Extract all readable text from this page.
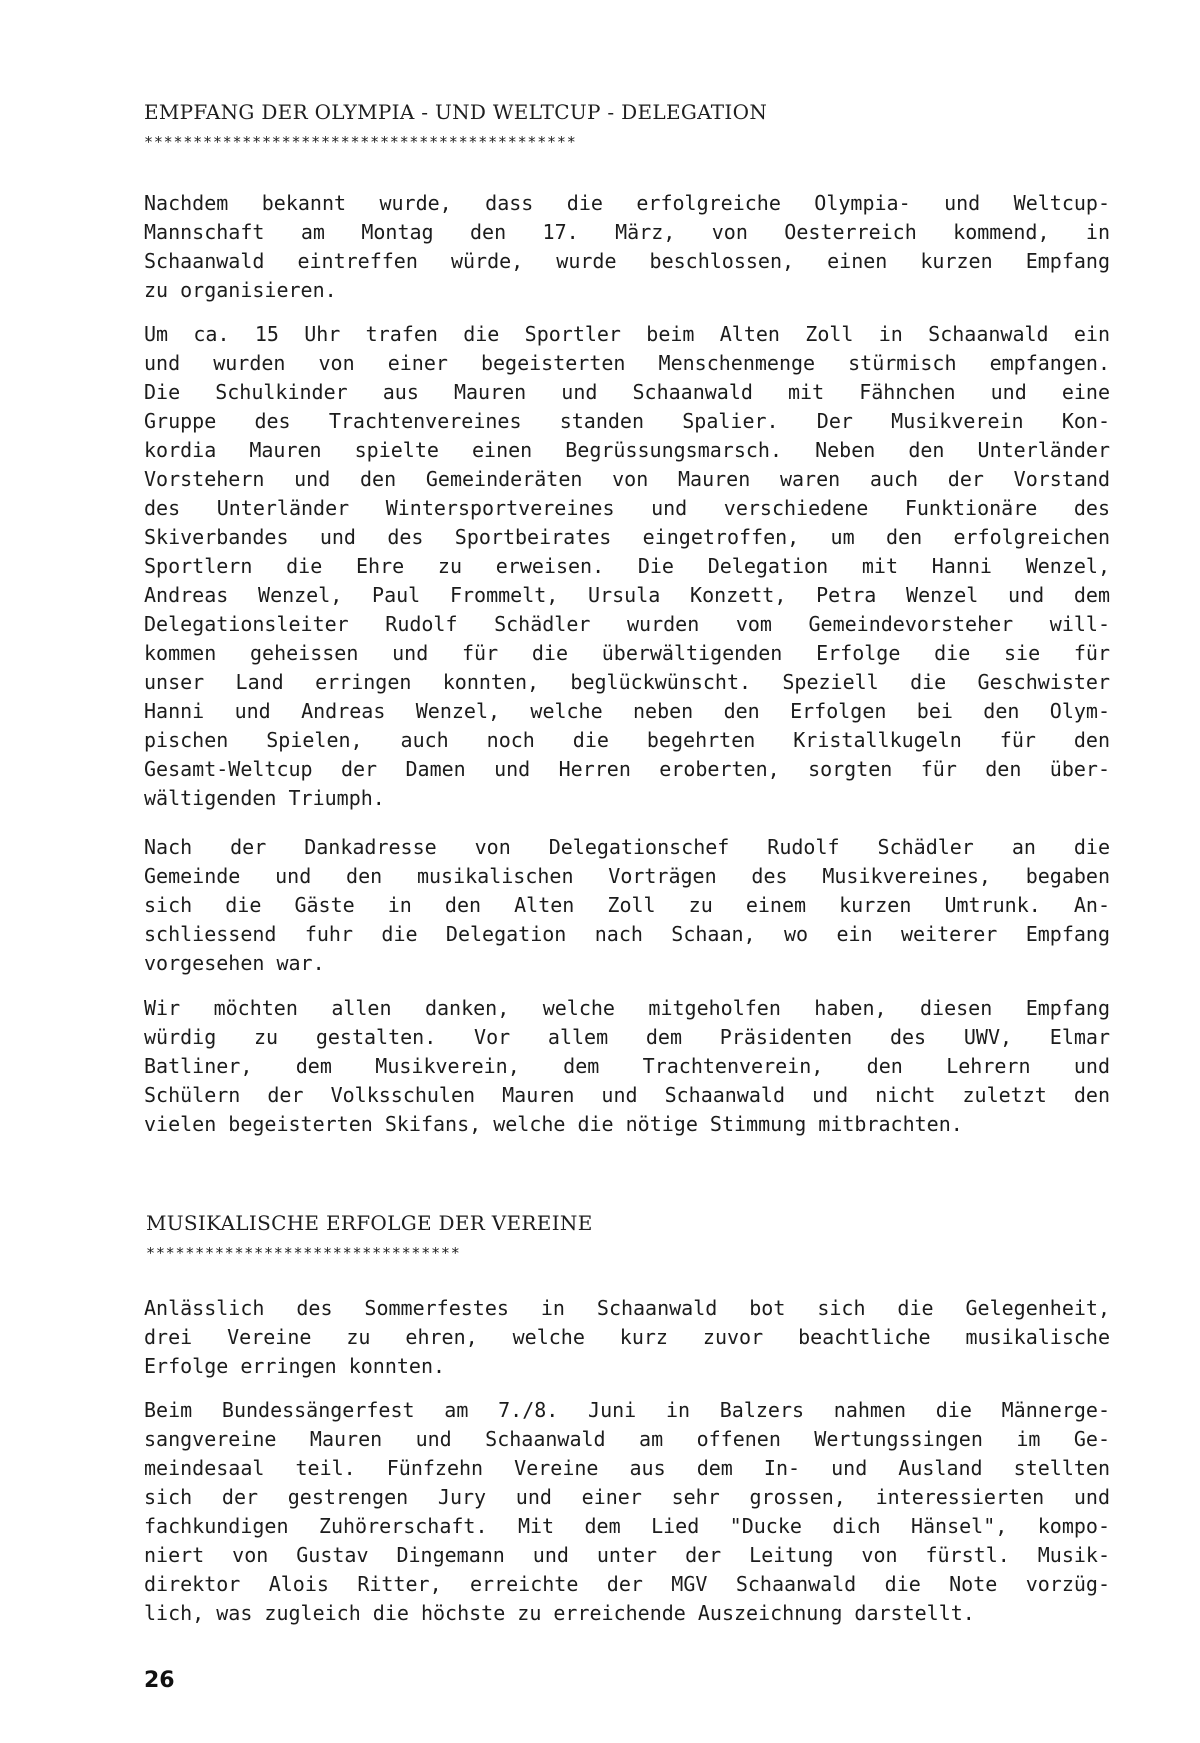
EMPFANG DER OLYMPIA - UND WELTCUP - DELEGATION
********************************************
Nachdem bekannt wurde, dass die erfolgreiche Olympia- und Weltcup-
Mannschaft am Montag den 17. März, von Oesterreich kommend, in
Schaanwald eintreffen würde, wurde beschlossen, einen kurzen Empfang
zu organisieren.
Um ca. 15 Uhr trafen die Sportler beim Alten Zoll in Schaanwald ein
und wurden von einer begeisterten Menschenmenge stürmisch empfangen.
Die Schulkinder aus Mauren und Schaanwald mit Fähnchen und eine
Gruppe des Trachtenvereines standen Spalier. Der Musikverein Kon-
kordia Mauren spielte einen Begrüssungsmarsch. Neben den Unterländer
Vorstehern und den Gemeinderäten von Mauren waren auch der Vorstand
des Unterländer Wintersportvereines und verschiedene Funktionäre des
Skiverbandes und des Sportbeirates eingetroffen, um den erfolgreichen
Sportlern die Ehre zu erweisen. Die Delegation mit Hanni Wenzel,
Andreas Wenzel, Paul Frommelt, Ursula Konzett, Petra Wenzel und dem
Delegationsleiter Rudolf Schädler wurden vom Gemeindevorsteher will-
kommen geheissen und für die überwältigenden Erfolge die sie für
unser Land erringen konnten, beglückwünscht. Speziell die Geschwister
Hanni und Andreas Wenzel, welche neben den Erfolgen bei den Olym-
pischen Spielen, auch noch die begehrten Kristallkugeln für den
Gesamt-Weltcup der Damen und Herren eroberten, sorgten für den über-
wältigenden Triumph.
Nach der Dankadresse von Delegationschef Rudolf Schädler an die
Gemeinde und den musikalischen Vorträgen des Musikvereines, begaben
sich die Gäste in den Alten Zoll zu einem kurzen Umtrunk. An-
schliessend fuhr die Delegation nach Schaan, wo ein weiterer Empfang
vorgesehen war.
Wir möchten allen danken, welche mitgeholfen haben, diesen Empfang
würdig zu gestalten. Vor allem dem Präsidenten des UWV, Elmar
Batliner, dem Musikverein, dem Trachtenverein, den Lehrern und
Schülern der Volksschulen Mauren und Schaanwald und nicht zuletzt den
vielen begeisterten Skifans, welche die nötige Stimmung mitbrachten.
MUSIKALISCHE ERFOLGE DER VEREINE
********************************
Anlässlich des Sommerfestes in Schaanwald bot sich die Gelegenheit,
drei Vereine zu ehren, welche kurz zuvor beachtliche musikalische
Erfolge erringen konnten.
Beim Bundessängerfest am 7./8. Juni in Balzers nahmen die Männerge-
sangvereine Mauren und Schaanwald am offenen Wertungssingen im Ge-
meindesaal teil. Fünfzehn Vereine aus dem In- und Ausland stellten
sich der gestrengen Jury und einer sehr grossen, interessierten und
fachkundigen Zuhörerschaft. Mit dem Lied "Ducke dich Hänsel", kompo-
niert von Gustav Dingemann und unter der Leitung von fürstl. Musik-
direktor Alois Ritter, erreichte der MGV Schaanwald die Note vorzüg-
lich, was zugleich die höchste zu erreichende Auszeichnung darstellt.
26
